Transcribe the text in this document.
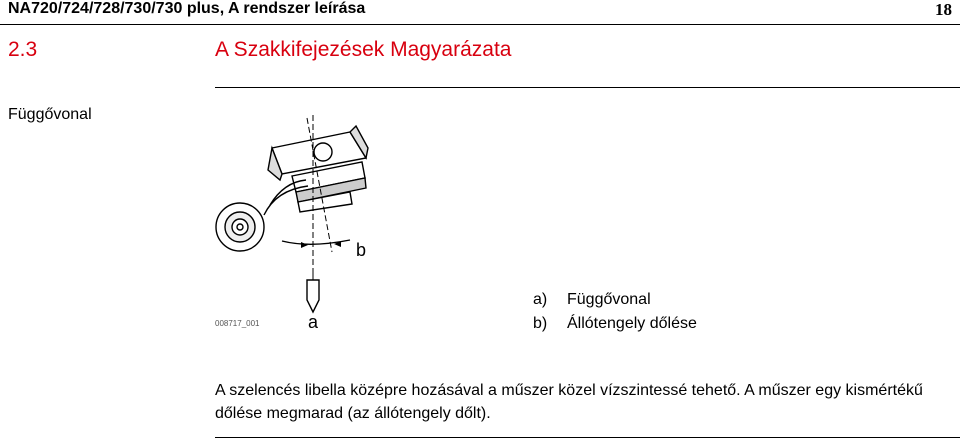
NA720/724/728/730/730 plus, A rendszer leírása	18
2.3	A Szakkifejezések Magyarázata
Függővonal
b
a
008717_001
a)	Függővonal
b)	Állótengely dőlése
A szelencés libella középre hozásával a műszer közel vízszintessé tehető. A műszer egy kismértékű dőlése megmarad (az állótengely dőlt).
